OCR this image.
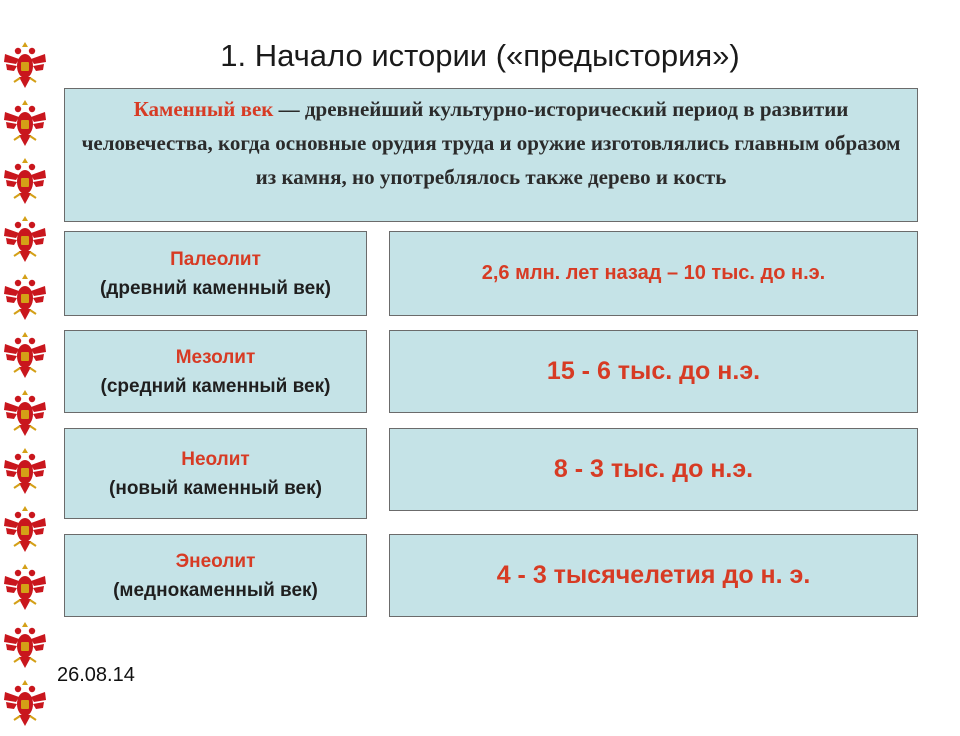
1. Начало истории («предыстория»)
Каменный век — древнейший культурно-исторический период в развитии человечества, когда основные орудия труда и оружие изготовлялись главным образом из камня, но употреблялось также дерево и кость
Палеолит
(древний каменный век)
2,6 млн. лет назад – 10 тыс. до н.э.
Мезолит
(средний каменный век)
15 - 6 тыс. до н.э.
Неолит
(новый каменный век)
8 - 3 тыс. до н.э.
Энеолит
(меднокаменный век)
4 - 3 тысячелетия до н. э.
26.08.14
